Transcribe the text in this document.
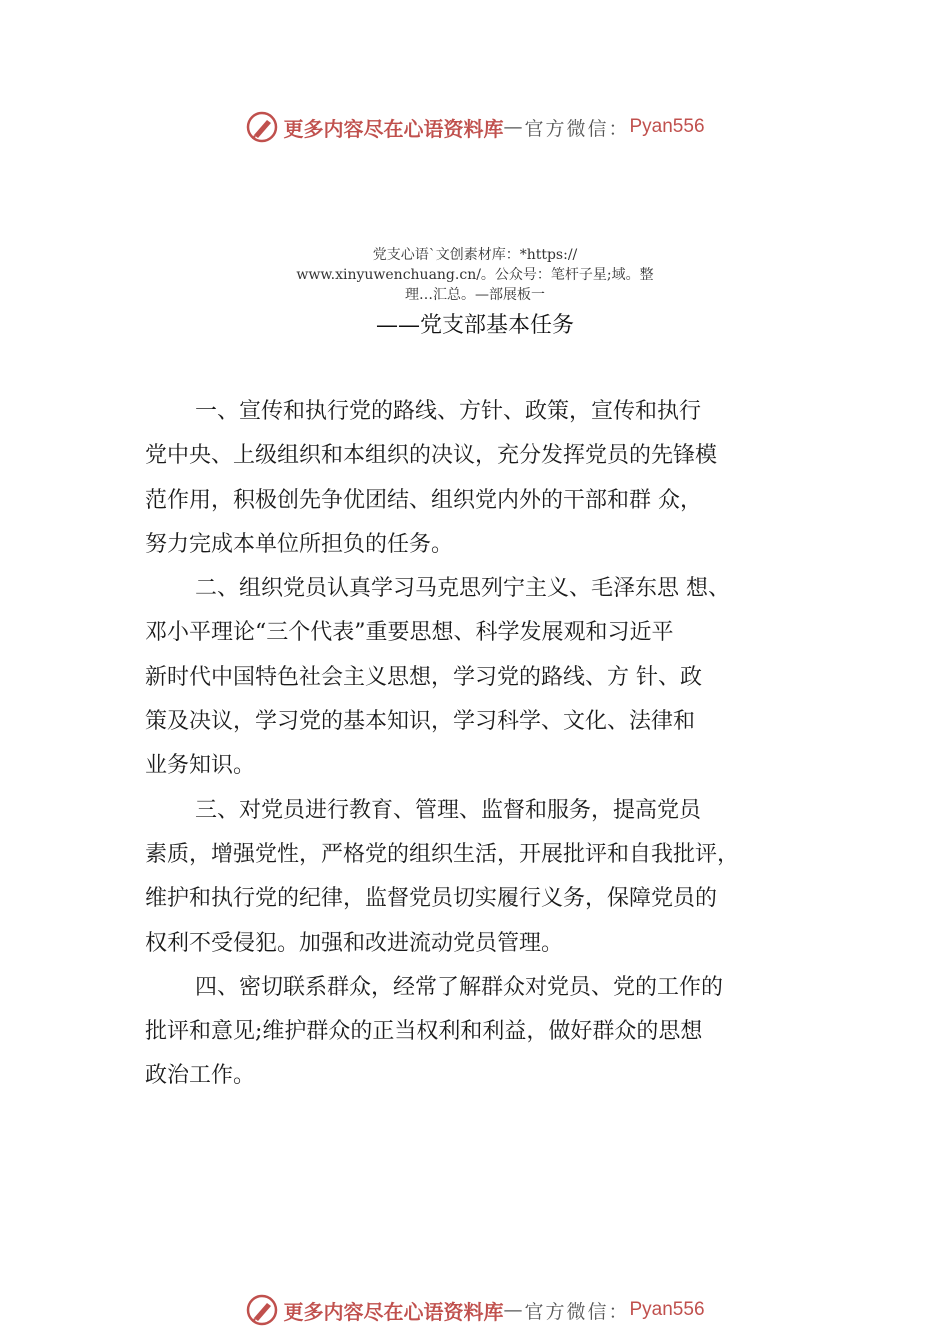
更多内容尽在心语资料库 — 官方微信： Pyan556
党支心语`文创素材库：*https://
www.xinyuwenchuang.cn/。公众号：笔杆子星;域。整
理…汇总。—部展板一
——党支部基本任务
一、宣传和执行党的路线、方针、政策，宣传和执行
党中央、上级组织和本组织的决议，充分发挥党员的先锋模
范作用，积极创先争优团结、组织党内外的干部和群 众，
努力完成本单位所担负的任务。
二、组织党员认真学习马克思列宁主义、毛泽东思 想、
邓小平理论“三个代表”重要思想、科学发展观和习近平
新时代中国特色社会主义思想，学习党的路线、方 针、政
策及决议，学习党的基本知识，学习科学、文化、法律和
业务知识。
三、对党员进行教育、管理、监督和服务，提高党员
素质，增强党性，严格党的组织生活，开展批评和自我批评，
维护和执行党的纪律，监督党员切实履行义务，保障党员的
权利不受侵犯。加强和改进流动党员管理。
四、密切联系群众，经常了解群众对党员、党的工作的
批评和意见;维护群众的正当权利和利益，做好群众的思想
政治工作。
更多内容尽在心语资料库 — 官方微信： Pyan556
